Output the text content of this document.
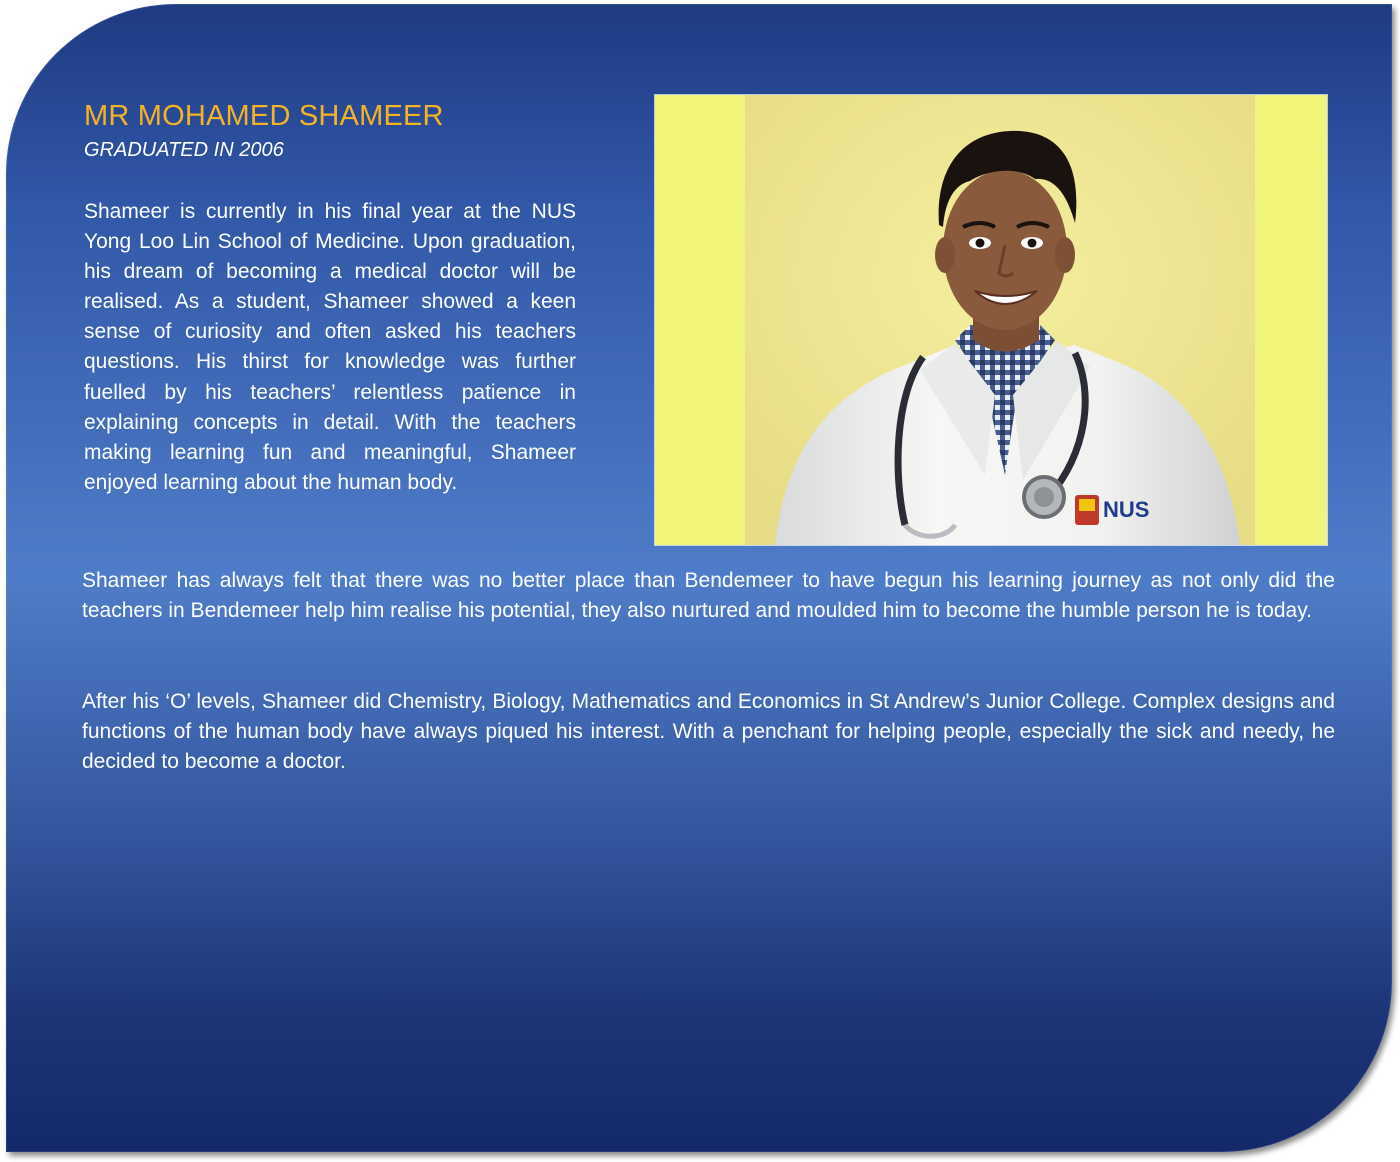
MR MOHAMED SHAMEER

GRADUATED IN 2006

Shameer is currently in his final year at the NUS Yong Loo Lin School of Medicine. Upon graduation, his dream of becoming a medical doctor will be realised. As a student, Shameer showed a keen sense of curiosity and often asked his teachers questions. His thirst for knowledge was further fuelled by his teachers’ relentless patience in explaining concepts in detail. With the teachers making learning fun and meaningful, Shameer enjoyed learning about the human body.

NUS

Shameer has always felt that there was no better place than Bendemeer to have begun his learning journey as not only did the teachers in Bendemeer help him realise his potential, they also nurtured and moulded him to become the humble person he is today.

After his ‘O’ levels, Shameer did Chemistry, Biology, Mathematics and Economics in St Andrew’s Junior College. Complex designs and functions of the human body have always piqued his interest. With a penchant for helping people, especially the sick and needy, he decided to become a doctor.
